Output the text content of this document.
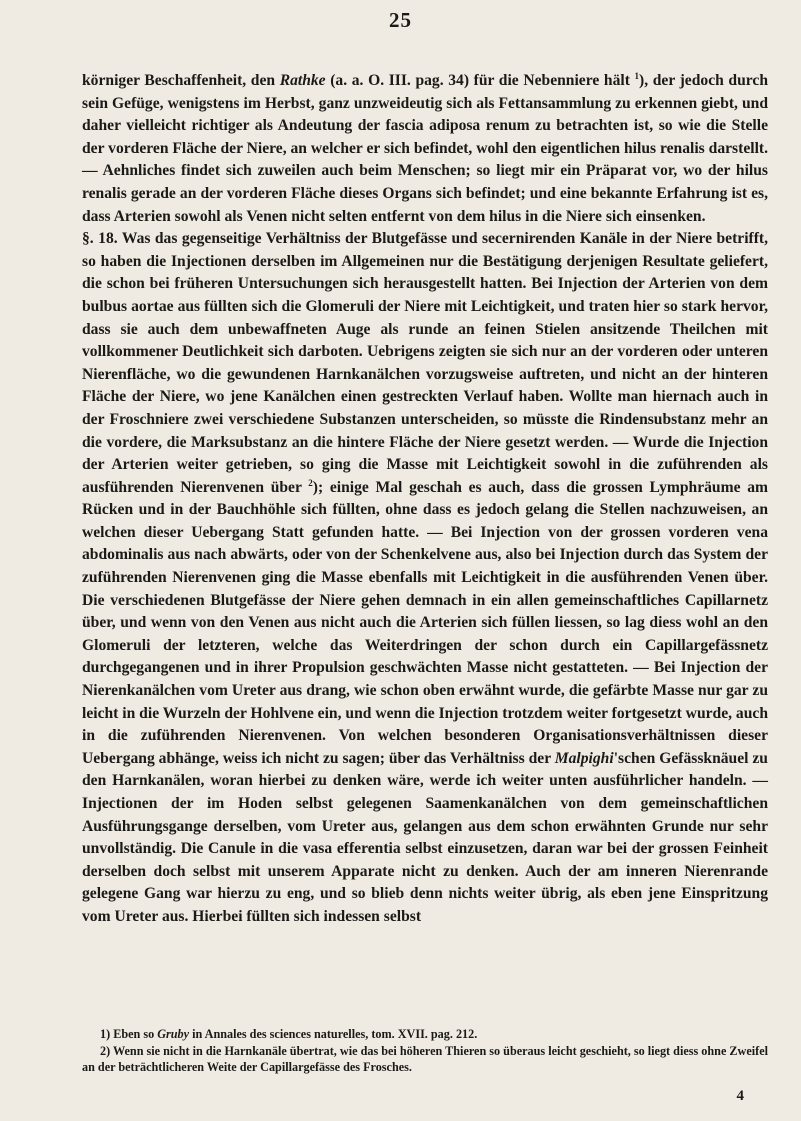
25

körniger Beschaffenheit, den Rathke (a. a. O. III. pag. 34) für die Nebenniere hält $^1$), der jedoch durch sein Gefüge, wenigstens im Herbst, ganz unzweideutig sich als Fettansammlung zu erkennen giebt, und daher vielleicht richtiger als Andeutung der fascia adiposa renum zu betrachten ist, so wie die Stelle der vorderen Fläche der Niere, an welcher er sich befindet, wohl den eigentlichen hilus renalis darstellt. — Aehnliches findet sich zuweilen auch beim Menschen; so liegt mir ein Präparat vor, wo der hilus renalis gerade an der vorderen Fläche dieses Organs sich befindet; und eine bekannte Erfahrung ist es, dass Arterien sowohl als Venen nicht selten entfernt von dem hilus in die Niere sich einsenken.

§. 18. Was das gegenseitige Verhältniss der Blutgefässe und secernirenden Kanäle in der Niere betrifft, so haben die Injectionen derselben im Allgemeinen nur die Bestätigung derjenigen Resultate geliefert, die schon bei früheren Untersuchungen sich herausgestellt hatten. Bei Injection der Arterien von dem bulbus aortae aus füllten sich die Glomeruli der Niere mit Leichtigkeit, und traten hier so stark hervor, dass sie auch dem unbewaffneten Auge als runde an feinen Stielen ansitzende Theilchen mit vollkommener Deutlichkeit sich darboten. Uebrigens zeigten sie sich nur an der vorderen oder unteren Nierenfläche, wo die gewundenen Harnkanälchen vorzugsweise auftreten, und nicht an der hinteren Fläche der Niere, wo jene Kanälchen einen gestreckten Verlauf haben. Wollte man hiernach auch in der Froschniere zwei verschiedene Substanzen unterscheiden, so müsste die Rindensubstanz mehr an die vordere, die Marksubstanz an die hintere Fläche der Niere gesetzt werden. — Wurde die Injection der Arterien weiter getrieben, so ging die Masse mit Leichtigkeit sowohl in die zuführenden als ausführenden Nierenvenen über $^2$); einige Mal geschah es auch, dass die grossen Lymphräume am Rücken und in der Bauchhöhle sich füllten, ohne dass es jedoch gelang die Stellen nachzuweisen, an welchen dieser Uebergang Statt gefunden hatte. — Bei Injection von der grossen vorderen vena abdominalis aus nach abwärts, oder von der Schenkelvene aus, also bei Injection durch das System der zuführenden Nierenvenen ging die Masse ebenfalls mit Leichtigkeit in die ausführenden Venen über. Die verschiedenen Blutgefässe der Niere gehen demnach in ein allen gemeinschaftliches Capillarnetz über, und wenn von den Venen aus nicht auch die Arterien sich füllen liessen, so lag diess wohl an den Glomeruli der letzteren, welche das Weiterdringen der schon durch ein Capillargefässnetz durchgegangenen und in ihrer Propulsion geschwächten Masse nicht gestatteten. — Bei Injection der Nierenkanälchen vom Ureter aus drang, wie schon oben erwähnt wurde, die gefärbte Masse nur gar zu leicht in die Wurzeln der Hohlvene ein, und wenn die Injection trotzdem weiter fortgesetzt wurde, auch in die zuführenden Nierenvenen. Von welchen besonderen Organisationsverhältnissen dieser Uebergang abhänge, weiss ich nicht zu sagen; über das Verhältniss der Malpighi'schen Gefässknäuel zu den Harnkanälen, woran hierbei zu denken wäre, werde ich weiter unten ausführlicher handeln. — Injectionen der im Hoden selbst gelegenen Saamenkanälchen von dem gemeinschaftlichen Ausführungsgange derselben, vom Ureter aus, gelangen aus dem schon erwähnten Grunde nur sehr unvollständig. Die Canule in die vasa efferentia selbst einzusetzen, daran war bei der grossen Feinheit derselben doch selbst mit unserem Apparate nicht zu denken. Auch der am inneren Nierenrande gelegene Gang war hierzu zu eng, und so blieb denn nichts weiter übrig, als eben jene Einspritzung vom Ureter aus. Hierbei füllten sich indessen selbst

1) Eben so Gruby in Annales des sciences naturelles, tom. XVII. pag. 212.

2) Wenn sie nicht in die Harnkanäle übertrat, wie das bei höheren Thieren so überaus leicht geschieht, so liegt diess ohne Zweifel an der beträchtlicheren Weite der Capillargefässe des Frosches.

4
